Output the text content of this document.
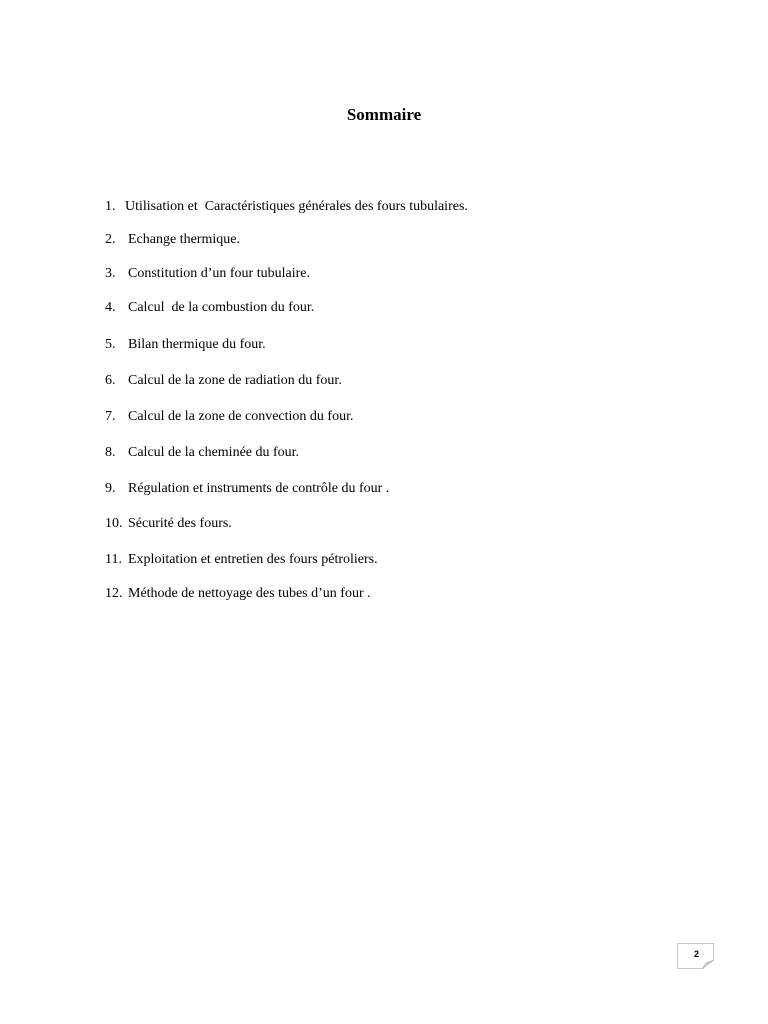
Sommaire

1. Utilisation et  Caractéristiques générales des fours tubulaires.

2. Echange thermique.

3. Constitution d’un four tubulaire.

4. Calcul  de la combustion du four.

5. Bilan thermique du four.

6. Calcul de la zone de radiation du four.

7. Calcul de la zone de convection du four.

8. Calcul de la cheminée du four.

9. Régulation et instruments de contrôle du four .

10. Sécurité des fours.

11. Exploitation et entretien des fours pétroliers.

12. Méthode de nettoyage des tubes d’un four .

2
